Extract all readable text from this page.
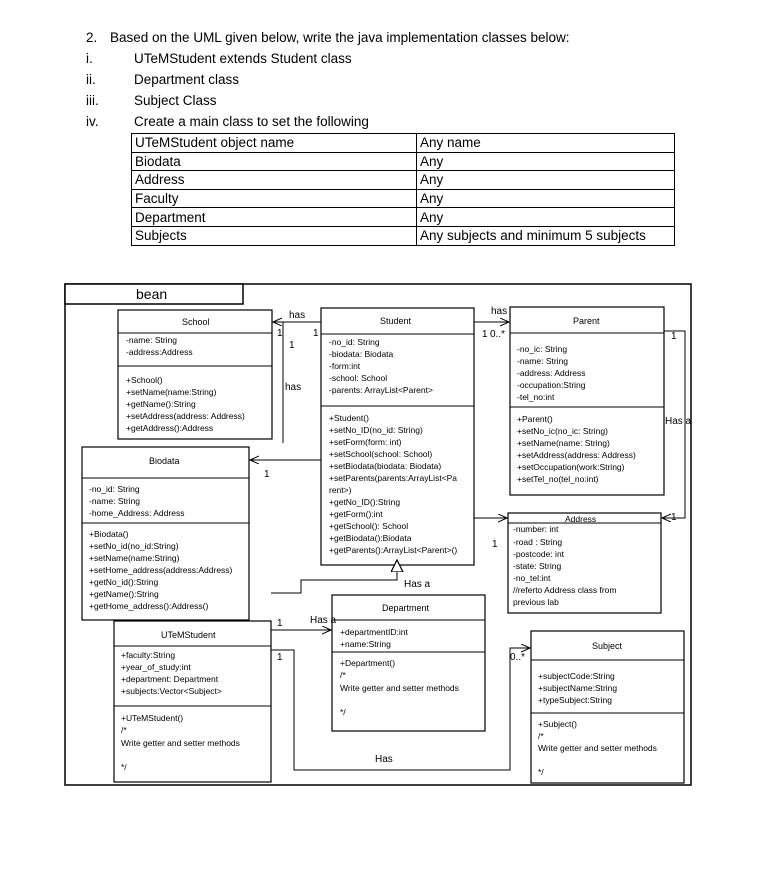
2. Based on the UML given below, write the java implementation classes below:
i.	UTeMStudent extends Student class
ii.	Department class
iii.	Subject Class
iv.	Create a main class to set the following
UTeMStudent object name	Any name
Biodata	Any
Address	Any
Faculty	Any
Department	Any
Subjects	Any subjects and minimum 5 subjects
bean
School
-name: String
-address:Address
+School()
+setName(name:String)
+getName():String
+setAddress(address: Address)
+getAddress():Address
Student
-no_id: String
-biodata: Biodata
-form:int
-school: School
-parents: ArrayList<Parent>
+Student()
+setNo_ID(no_id: String)
+setForm(form: int)
+setSchool(school: School)
+setBiodata(biodata: Biodata)
+setParents(parents:ArrayList<Pa
rent>)
+getNo_ID():String
+getForm():int
+getSchool(): School
+getBiodata():Biodata
+getParents():ArrayList<Parent>()
Parent
-no_ic: String
-name: String
-address: Address
-occupation:String
-tel_no:int
+Parent()
+setNo_ic(no_ic: String)
+setName(name: String)
+setAddress(address: Address)
+setOccupation(work:String)
+setTel_no(tel_no:int)
Biodata
-no_id: String
-name: String
-home_Address: Address
+Biodata()
+setNo_id(no_id:String)
+setName(name:String)
+setHome_address(address:Address)
+getNo_id():String
+getName():String
+getHome_address():Address()
Address
-number: int
-road : String
-postcode: int
-state: String
-no_tel:int
//referto Address class from
previous lab
UTeMStudent
+faculty:String
+year_of_study:int
+department: Department
+subjects:Vector<Subject>
+UTeMStudent()
/*
Write getter and setter methods
*/
Department
+departmentID:int
+name:String
+Department()
/*
Write getter and setter methods
*/
Subject
+subjectCode:String
+subjectName:String
+typeSubject:String
+Subject()
/*
Write getter and setter methods
*/
has
has
has
Has a
Has a
Has a
Has
1
1
1	1 0..*	1
1
1
1
1
1	0..*
